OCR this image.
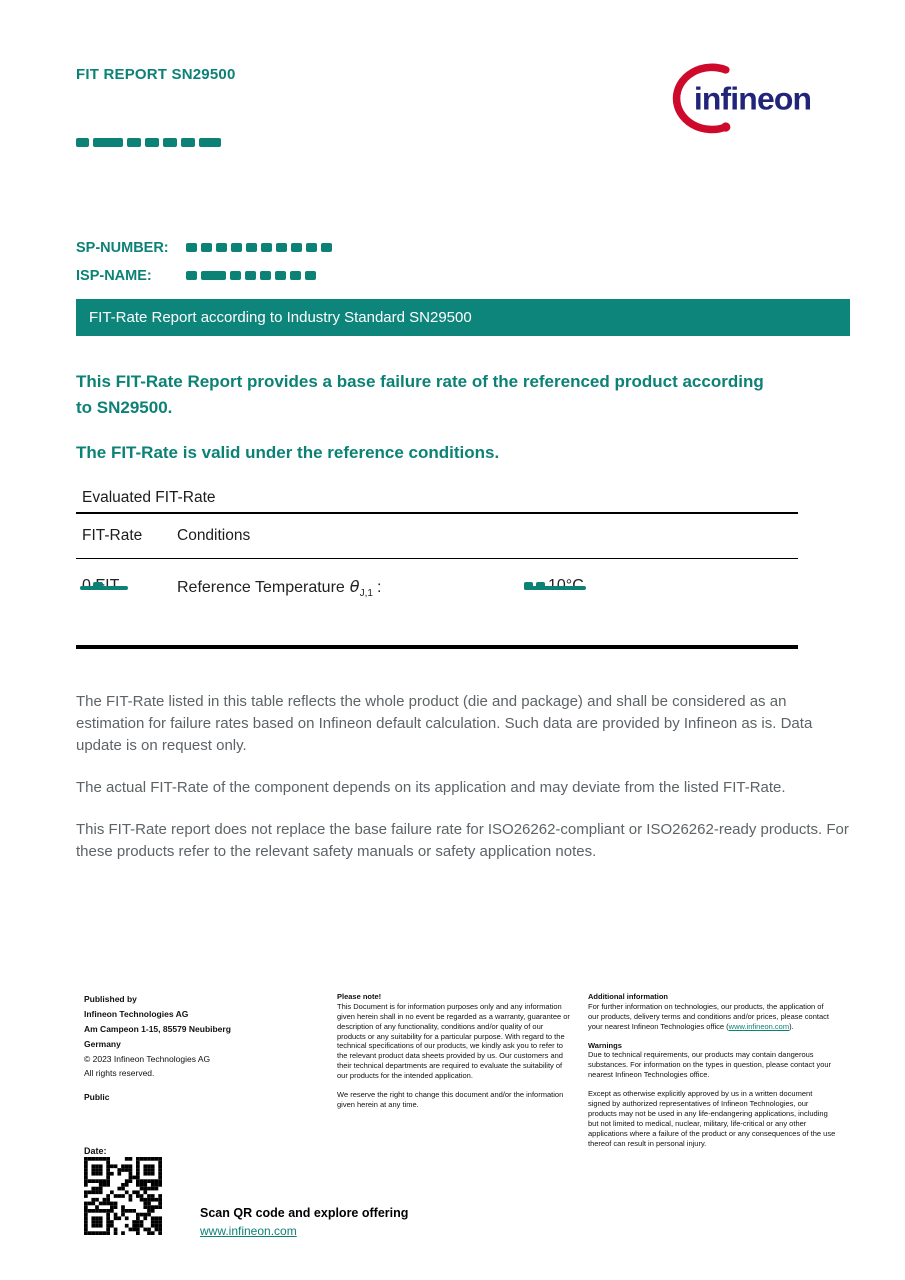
FIT REPORT SN29500
infineon
SP-NUMBER:
ISP-NAME:
FIT-Rate Report according to Industry Standard SN29500
This FIT-Rate Report provides a base failure rate of the referenced product according to SN29500.
The FIT-Rate is valid under the reference conditions.
Evaluated FIT-Rate
FIT-Rate Conditions
Reference Temperature $\theta_{J,1}$ :
The FIT-Rate listed in this table reflects the whole product (die and package) and shall be considered as an estimation for failure rates based on Infineon default calculation. Such data are provided by Infineon as is. Data update is on request only.
The actual FIT-Rate of the component depends on its application and may deviate from the listed FIT-Rate.
This FIT-Rate report does not replace the base failure rate for ISO26262-compliant or ISO26262-ready products. For these products refer to the relevant safety manuals or safety application notes.
Published by
Infineon Technologies AG
Am Campeon 1-15, 85579 Neubiberg
Germany
© 2023 Infineon Technologies AG
All rights reserved.
Public
Please note!
This Document is for information purposes only and any information given herein shall in no event be regarded as a warranty, guarantee or description of any functionality, conditions and/or quality of our products or any suitability for a particular purpose. With regard to the technical specifications of our products, we kindly ask you to refer to the relevant product data sheets provided by us. Our customers and their technical departments are required to evaluate the suitability of our products for the intended application.
We reserve the right to change this document and/or the information given herein at any time.
Additional information
For further information on technologies, our products, the application of our products, delivery terms and conditions and/or prices, please contact your nearest Infineon Technologies office (www.infineon.com).
Warnings
Due to technical requirements, our products may contain dangerous substances. For information on the types in question, please contact your nearest Infineon Technologies office.
Except as otherwise explicitly approved by us in a written document signed by authorized representatives of Infineon Technologies, our products may not be used in any life-endangering applications, including but not limited to medical, nuclear, military, life-critical or any other applications where a failure of the product or any consequences of the use thereof can result in personal injury.
Date:
Scan QR code and explore offering
www.infineon.com
